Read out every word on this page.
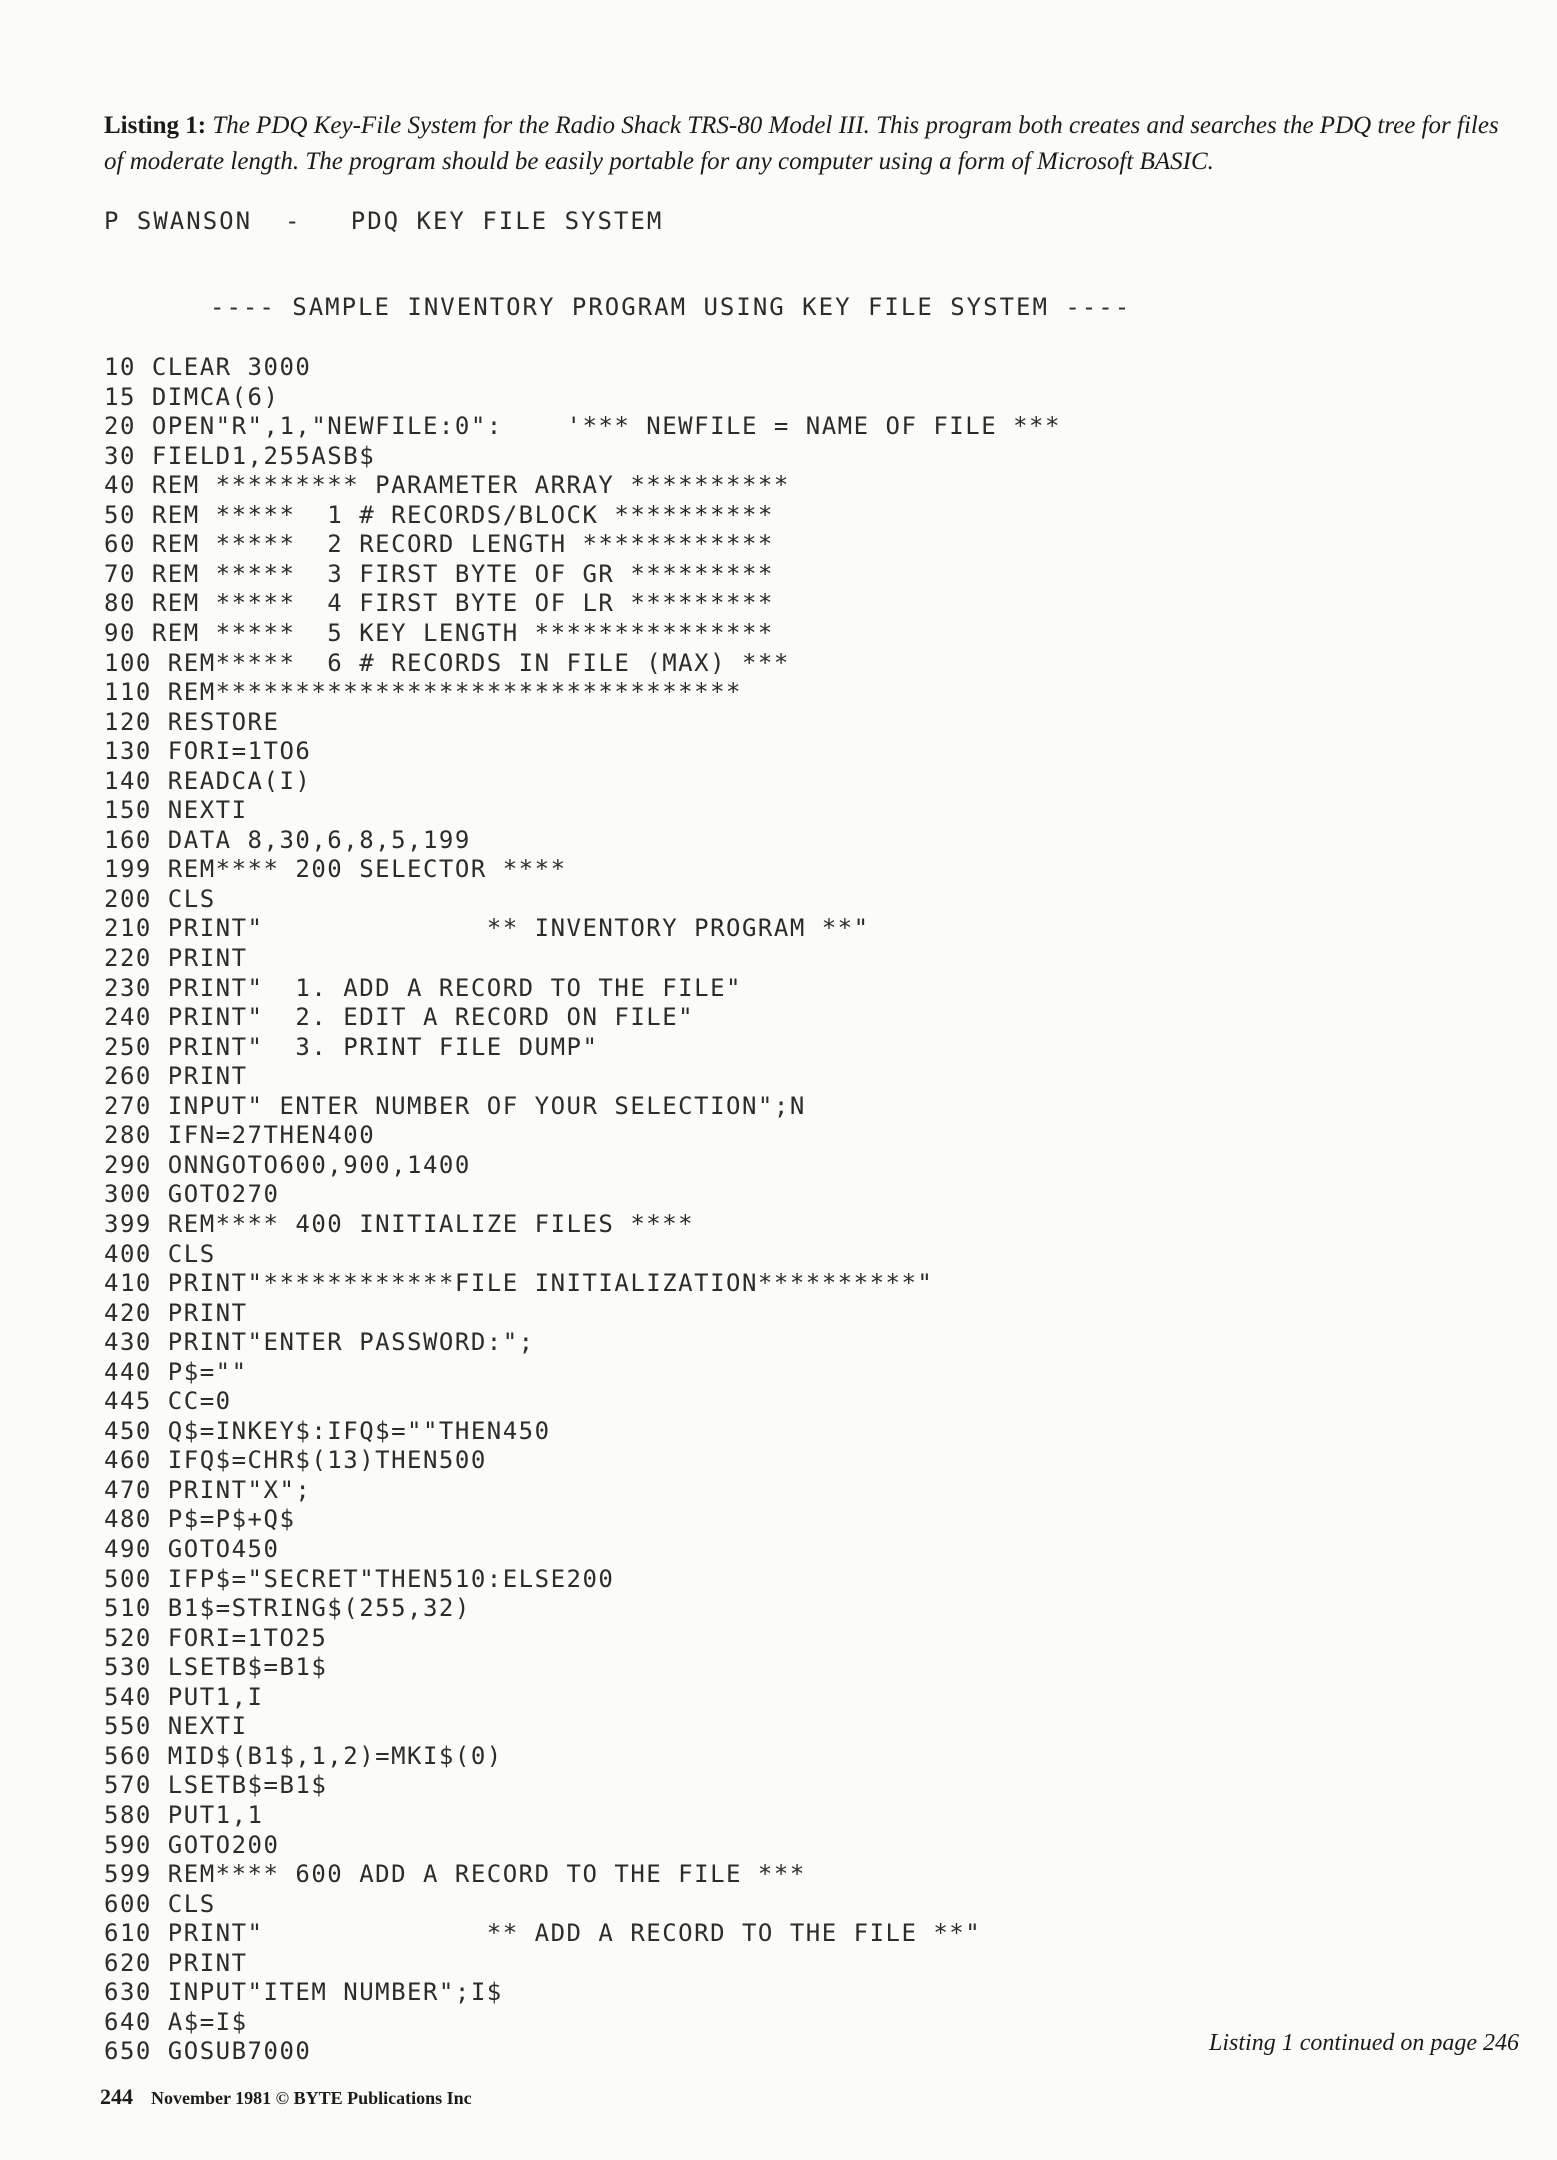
Listing 1: The PDQ Key-File System for the Radio Shack TRS-80 Model III. This program both creates and searches the PDQ tree for files of moderate length. The program should be easily portable for any computer using a form of Microsoft BASIC.
P SWANSON  -   PDQ KEY FILE SYSTEM
---- SAMPLE INVENTORY PROGRAM USING KEY FILE SYSTEM ----
10 CLEAR 3000
15 DIMCA(6)
20 OPEN"R",1,"NEWFILE:0":    '*** NEWFILE = NAME OF FILE ***
30 FIELD1,255ASB$
40 REM ********* PARAMETER ARRAY **********
50 REM *****  1 # RECORDS/BLOCK **********
60 REM *****  2 RECORD LENGTH ************
70 REM *****  3 FIRST BYTE OF GR *********
80 REM *****  4 FIRST BYTE OF LR *********
90 REM *****  5 KEY LENGTH ***************
100 REM*****  6 # RECORDS IN FILE (MAX) ***
110 REM*********************************
120 RESTORE
130 FORI=1TO6
140 READCA(I)
150 NEXTI
160 DATA 8,30,6,8,5,199
199 REM**** 200 SELECTOR ****
200 CLS
210 PRINT"              ** INVENTORY PROGRAM **"
220 PRINT
230 PRINT"  1. ADD A RECORD TO THE FILE"
240 PRINT"  2. EDIT A RECORD ON FILE"
250 PRINT"  3. PRINT FILE DUMP"
260 PRINT
270 INPUT" ENTER NUMBER OF YOUR SELECTION";N
280 IFN=27THEN400
290 ONNGOTO600,900,1400
300 GOTO270
399 REM**** 400 INITIALIZE FILES ****
400 CLS
410 PRINT"************FILE INITIALIZATION**********"
420 PRINT
430 PRINT"ENTER PASSWORD:";
440 P$=""
445 CC=0
450 Q$=INKEY$:IFQ$=""THEN450
460 IFQ$=CHR$(13)THEN500
470 PRINT"X";
480 P$=P$+Q$
490 GOTO450
500 IFP$="SECRET"THEN510:ELSE200
510 B1$=STRING$(255,32)
520 FORI=1TO25
530 LSETB$=B1$
540 PUT1,I
550 NEXTI
560 MID$(B1$,1,2)=MKI$(0)
570 LSETB$=B1$
580 PUT1,1
590 GOTO200
599 REM**** 600 ADD A RECORD TO THE FILE ***
600 CLS
610 PRINT"              ** ADD A RECORD TO THE FILE **"
620 PRINT
630 INPUT"ITEM NUMBER";I$
640 A$=I$
650 GOSUB7000	Listing 1 continued on page 246
244 November 1981 © BYTE Publications Inc
